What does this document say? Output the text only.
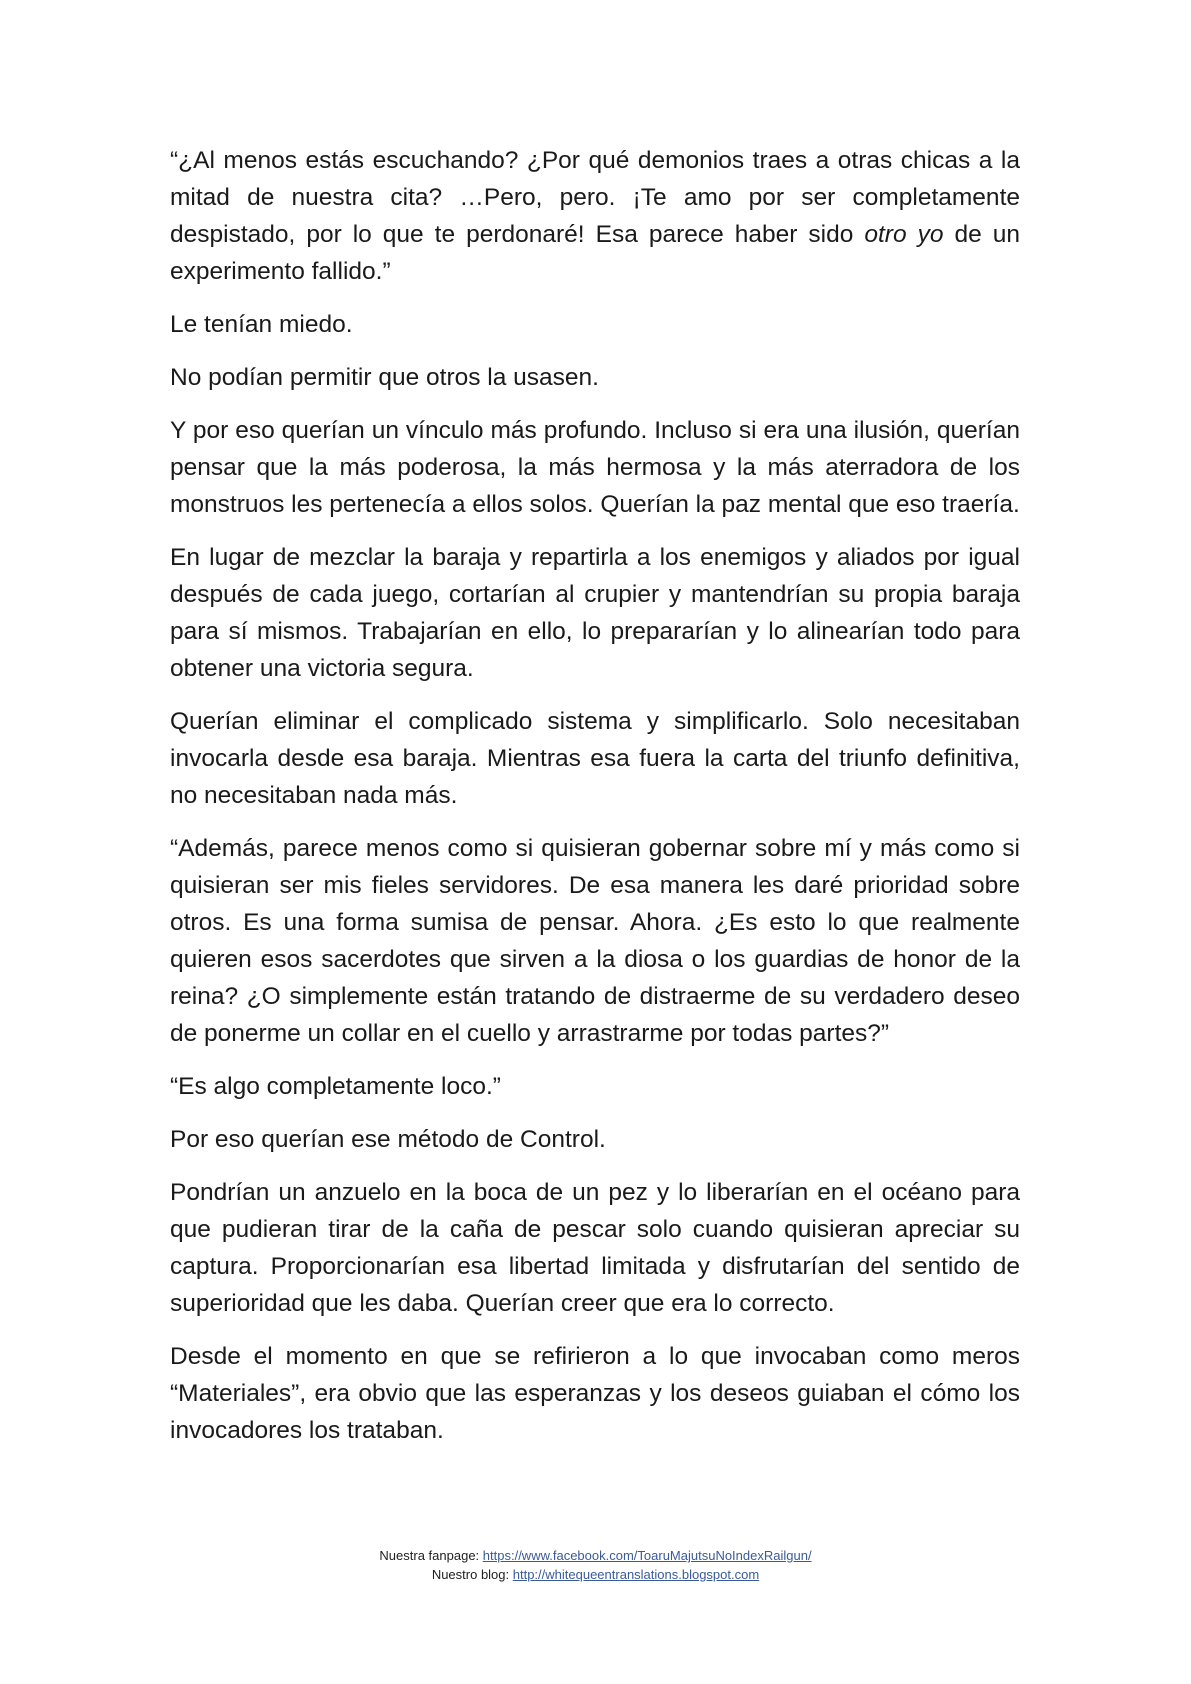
“¿Al menos estás escuchando? ¿Por qué demonios traes a otras chicas a la mitad de nuestra cita? …Pero, pero. ¡Te amo por ser completamente despistado, por lo que te perdonaré! Esa parece haber sido otro yo de un experimento fallido.”

Le tenían miedo.

No podían permitir que otros la usasen.

Y por eso querían un vínculo más profundo. Incluso si era una ilusión, querían pensar que la más poderosa, la más hermosa y la más aterradora de los monstruos les pertenecía a ellos solos. Querían la paz mental que eso traería.

En lugar de mezclar la baraja y repartirla a los enemigos y aliados por igual después de cada juego, cortarían al crupier y mantendrían su propia baraja para sí mismos. Trabajarían en ello, lo prepararían y lo alinearían todo para obtener una victoria segura.

Querían eliminar el complicado sistema y simplificarlo. Solo necesitaban invocarla desde esa baraja. Mientras esa fuera la carta del triunfo definitiva, no necesitaban nada más.

“Además, parece menos como si quisieran gobernar sobre mí y más como si quisieran ser mis fieles servidores. De esa manera les daré prioridad sobre otros. Es una forma sumisa de pensar. Ahora. ¿Es esto lo que realmente quieren esos sacerdotes que sirven a la diosa o los guardias de honor de la reina? ¿O simplemente están tratando de distraerme de su verdadero deseo de ponerme un collar en el cuello y arrastrarme por todas partes?”

“Es algo completamente loco.”

Por eso querían ese método de Control.

Pondrían un anzuelo en la boca de un pez y lo liberarían en el océano para que pudieran tirar de la caña de pescar solo cuando quisieran apreciar su captura. Proporcionarían esa libertad limitada y disfrutarían del sentido de superioridad que les daba. Querían creer que era lo correcto.

Desde el momento en que se refirieron a lo que invocaban como meros “Materiales”, era obvio que las esperanzas y los deseos guiaban el cómo los invocadores los trataban.

Nuestra fanpage: https://www.facebook.com/ToaruMajutsuNoIndexRailgun/
Nuestro blog: http://whitequeentranslations.blogspot.com
